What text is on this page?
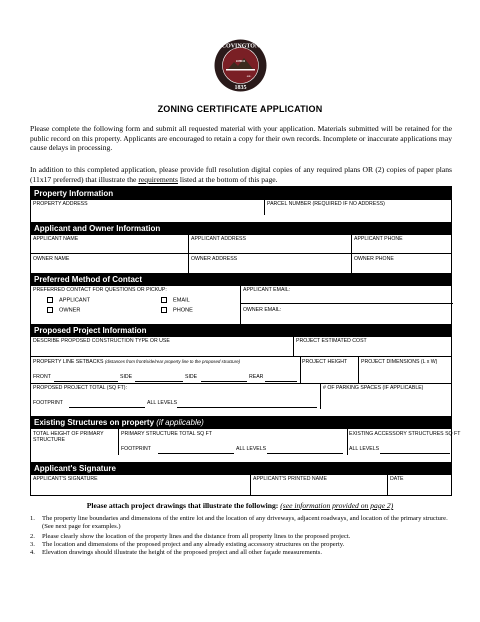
COVINGTON
OHIO
est.
1835
ZONING CERTIFICATE APPLICATION
Please complete the following form and submit all requested material with your application. Materials submitted will be retained for the public record on this property. Applicants are encouraged to retain a copy for their own records. Incomplete or inaccurate applications may cause delays in processing.
In addition to this completed application, please provide full resolution digital copies of any required plans OR (2) copies of paper plans (11x17 preferred) that illustrate the requirements listed at the bottom of this page.
Property Information
PROPERTY ADDRESS	PARCEL NUMBER (REQUIRED IF NO ADDRESS)
Applicant and Owner Information
APPLICANT NAME	APPLICANT ADDRESS	APPLICANT PHONE
OWNER NAME	OWNER ADDRESS	OWNER PHONE
Preferred Method of Contact
PREFERRED CONTACT FOR QUESTIONS OR PICKUP:	APPLICANT EMAIL:
OWNER EMAIL:
APPLICANT
OWNER
EMAIL
PHONE
Proposed Project Information
DESCRIBE PROPOSED CONSTRUCTION TYPE OR USE	PROJECT ESTIMATED COST
PROPERTY LINE SETBACKS (distances from front/side/rear property line to the proposed structure)	PROJECT HEIGHT	PROJECT DIMENSIONS (L x W)
FRONT	SIDE	SIDE	REAR
PROPOSED PROJECT TOTAL (SQ FT):	# OF PARKING SPACES (IF APPLICABLE)
FOOTPRINT	ALL LEVELS
Existing Structures on property (if applicable)
TOTAL HEIGHT OF PRIMARY STRUCTURE
PRIMARY STRUCTURE TOTAL SQ FT	EXISTING ACCESSORY STRUCTURES SQ FT
FOOTPRINT	ALL LEVELS	ALL LEVELS
Applicant's Signature
APPLICANT'S SIGNATURE	APPLICANT'S PRINTED NAME	DATE
Please attach project drawings that illustrate the following: (see information provided on page 2)
1. The property line boundaries and dimensions of the entire lot and the location of any driveways, adjacent roadways, and location of the primary structure. (See next page for examples.)
2. Please clearly show the location of the property lines and the distance from all property lines to the proposed project.
3. The location and dimensions of the proposed project and any already existing accessory structures on the property.
4. Elevation drawings should illustrate the height of the proposed project and all other façade measurements.
